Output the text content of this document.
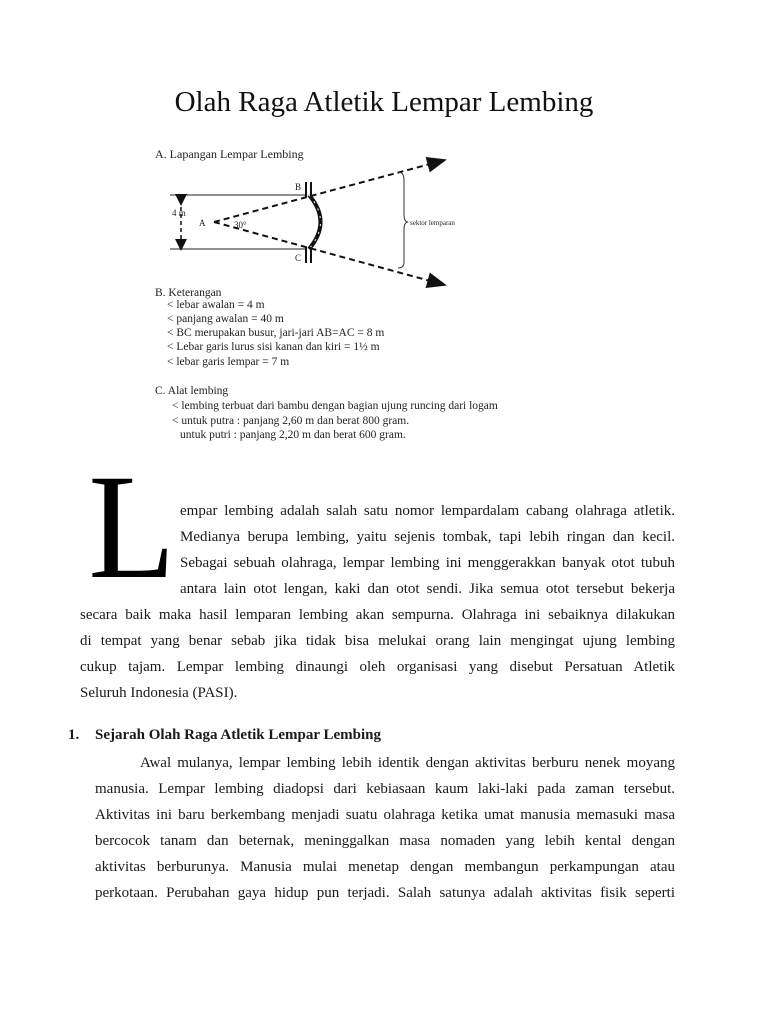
Olah Raga Atletik Lempar Lembing
A. Lapangan Lempar Lembing
4 m
A	30°
B
C
sektor lemparan
B. Keterangan
< lebar awalan = 4 m
< panjang awalan = 40 m
< BC merupakan busur, jari-jari AB=AC = 8 m
< Lebar garis lurus sisi kanan dan kiri = 1½ m
< lebar garis lempar = 7 m
C. Alat lembing
< lembing terbuat dari bambu dengan bagian ujung runcing dari logam
< untuk putra : panjang 2,60 m dan berat 800 gram.
untuk putri : panjang 2,20 m dan berat 600 gram.
L empar lembing adalah salah satu nomor lempardalam cabang olahraga atletik.
Medianya berupa lembing, yaitu sejenis tombak, tapi lebih ringan dan kecil.
Sebagai sebuah olahraga, lempar lembing ini menggerakkan banyak otot tubuh
antara lain otot lengan, kaki dan otot sendi. Jika semua otot tersebut bekerja
secara baik maka hasil lemparan lembing akan sempurna. Olahraga ini sebaiknya dilakukan
di tempat yang benar sebab jika tidak bisa melukai orang lain mengingat ujung lembing
cukup tajam. Lempar lembing dinaungi oleh organisasi yang disebut Persatuan Atletik
Seluruh Indonesia (PASI).
1. Sejarah Olah Raga Atletik Lempar Lembing
Awal mulanya, lempar lembing lebih identik dengan aktivitas berburu nenek moyang
manusia. Lempar lembing diadopsi dari kebiasaan kaum laki-laki pada zaman tersebut.
Aktivitas ini baru berkembang menjadi suatu olahraga ketika umat manusia memasuki masa
bercocok tanam dan beternak, meninggalkan masa nomaden yang lebih kental dengan
aktivitas berburunya. Manusia mulai menetap dengan membangun perkampungan atau
perkotaan. Perubahan gaya hidup pun terjadi. Salah satunya adalah aktivitas fisik seperti
